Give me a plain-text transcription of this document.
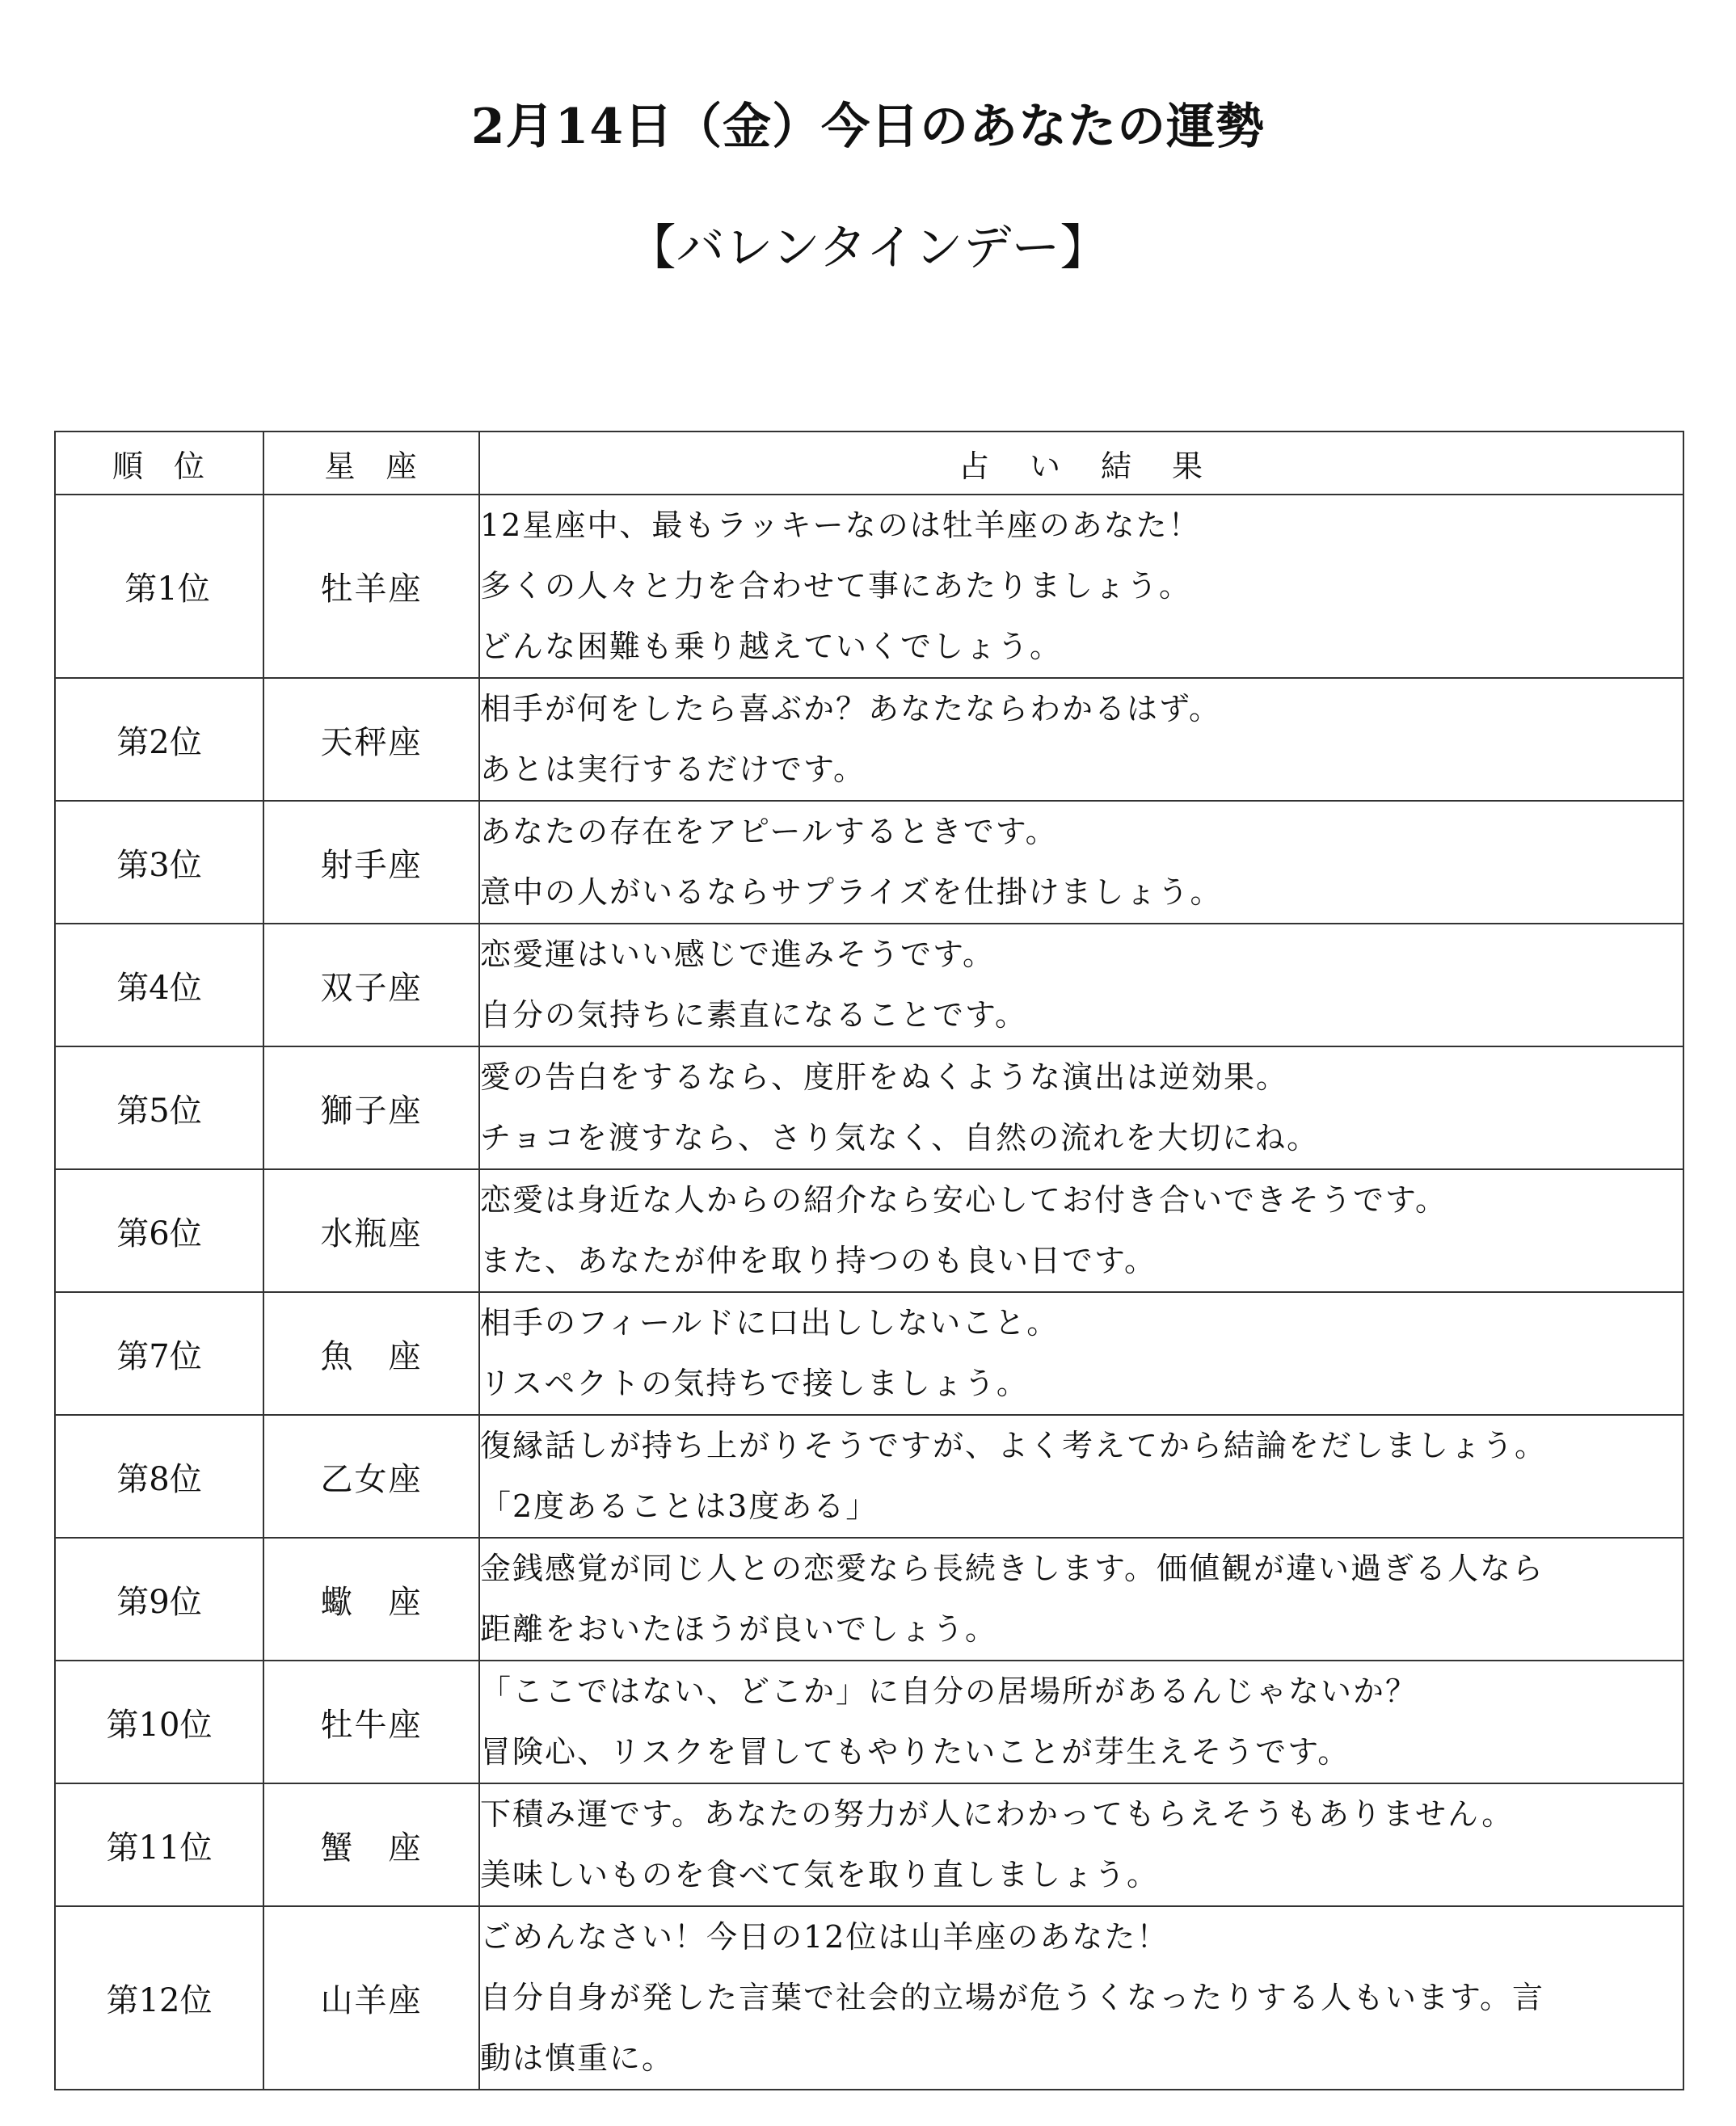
2月14日（金）今日のあなたの運勢
【バレンタインデー】
順 位	星 座	占 い 結 果
第1位	牡羊座	12星座中、最もラッキーなのは牡羊座のあなた！
多くの人々と力を合わせて事にあたりましょう。
どんな困難も乗り越えていくでしょう。

第2位	天秤座	相手が何をしたら喜ぶか？あなたならわかるはず。
あとは実行するだけです。

第3位	射手座	あなたの存在をアピールするときです。
意中の人がいるならサプライズを仕掛けましょう。

第4位	双子座	恋愛運はいい感じで進みそうです。
自分の気持ちに素直になることです。

第5位	獅子座	愛の告白をするなら、度肝をぬくような演出は逆効果。
チョコを渡すなら、さり気なく、自然の流れを大切にね。

第6位	水瓶座	恋愛は身近な人からの紹介なら安心してお付き合いできそうです。
また、あなたが仲を取り持つのも良い日です。

第7位	魚　座	相手のフィールドに口出ししないこと。
リスペクトの気持ちで接しましょう。

第8位	乙女座	復縁話しが持ち上がりそうですが、よく考えてから結論をだしましょう。
「2度あることは3度ある」

第9位	蠍　座	金銭感覚が同じ人との恋愛なら長続きします。価値観が違い過ぎる人なら
距離をおいたほうが良いでしょう。

第10位	牡牛座	「ここではない、どこか」に自分の居場所があるんじゃないか？
冒険心、リスクを冒してもやりたいことが芽生えそうです。

第11位	蟹　座	下積み運です。あなたの努力が人にわかってもらえそうもありません。
美味しいものを食べて気を取り直しましょう。

第12位	山羊座	ごめんなさい！今日の12位は山羊座のあなた！
自分自身が発した言葉で社会的立場が危うくなったりする人もいます。言
動は慎重に。
